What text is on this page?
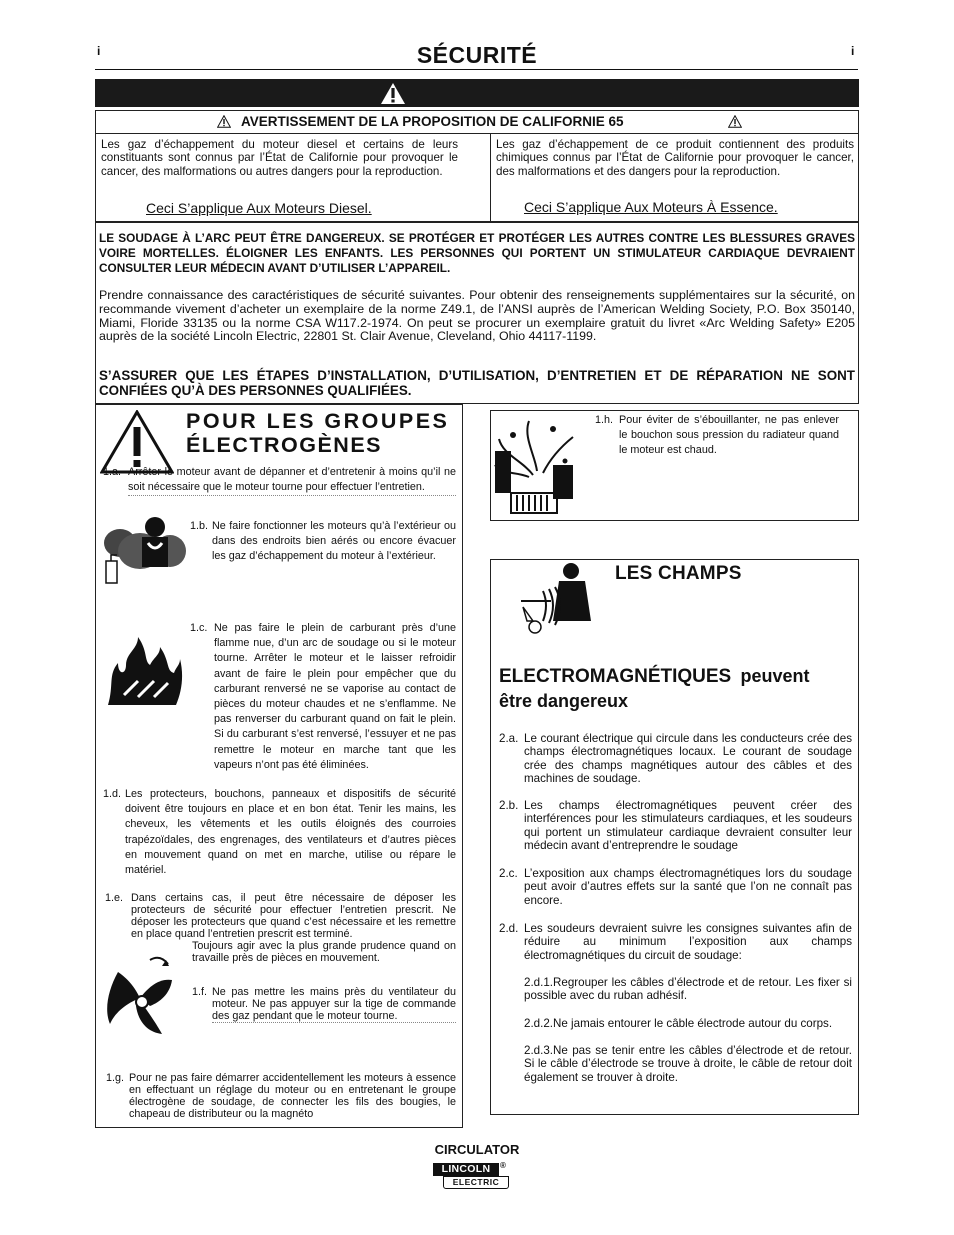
i	i
SÉCURITÉ
AVERTISSEMENT DE LA PROPOSITION DE CALIFORNIE 65
Les gaz d’échappement du moteur diesel et certains de leurs constituants sont connus par l’État de Californie pour provoquer le cancer, des malformations ou autres dangers pour la reproduction.
Les gaz d’échappement de ce produit contiennent des produits chimiques connus par l’État de Californie pour provoquer le cancer, des malformations et des dangers pour la reproduction.
Ceci S’applique Aux Moteurs Diesel.	Ceci S’applique Aux Moteurs À Essence.
LE SOUDAGE À L’ARC PEUT ÊTRE DANGEREUX. SE PROTÉGER ET PROTÉGER LES AUTRES CONTRE LES BLESSURES GRAVES VOIRE MORTELLES. ÉLOIGNER LES ENFANTS. LES PERSONNES QUI PORTENT UN STIMULATEUR CARDIAQUE DEVRAIENT CONSULTER LEUR MÉDECIN AVANT D’UTILISER L’APPAREIL.
Prendre connaissance des caractéristiques de sécurité suivantes. Pour obtenir des renseignements supplémentaires sur la sécurité, on recommande vivement d’acheter un exemplaire de la norme Z49.1, de l’ANSI auprès de l’American Welding Society, P.O. Box 350140, Miami, Floride 33135 ou la norme CSA W117.2-1974. On peut se procurer un exemplaire gratuit du livret «Arc Welding Safety» E205 auprès de la société Lincoln Electric, 22801 St. Clair Avenue, Cleveland, Ohio 44117-1199.
S’ASSURER QUE LES ÉTAPES D’INSTALLATION, D’UTILISATION, D’ENTRETIEN ET DE RÉPARATION NE SONT CONFIÉES QU’À DES PERSONNES QUALIFIÉES.
POUR LES GROUPES
ÉLECTROGÈNES
1.a. Arrêter le moteur avant de dépanner et d’entretenir à moins qu’il ne soit nécessaire que le moteur tourne pour effectuer l’entretien.
1.b. Ne faire fonctionner les moteurs qu’à l’extérieur ou dans des endroits bien aérés ou encore évacuer les gaz d’échappement du moteur à l’extérieur.
1.c. Ne pas faire le plein de carburant près d’une flamme nue, d’un arc de soudage ou si le moteur tourne. Arrêter le moteur et le laisser refroidir avant de faire le plein pour empêcher que du carburant renversé ne se vaporise au contact de pièces du moteur chaudes et ne s’enflamme. Ne pas renverser du carburant quand on fait le plein. Si du carburant s’est renversé, l’essuyer et ne pas remettre le moteur en marche tant que les vapeurs n’ont pas été éliminées.
1.d. Les protecteurs, bouchons, panneaux et dispositifs de sécurité doivent être toujours en place et en bon état. Tenir les mains, les cheveux, les vêtements et les outils éloignés des courroies trapézoïdales, des engrenages, des ventilateurs et d’autres pièces en mouvement quand on met en marche, utilise ou répare le matériel.
1.e. Dans certains cas, il peut être nécessaire de déposer les protecteurs de sécurité pour effectuer l’entretien prescrit. Ne déposer les protecteurs que quand c’est nécessaire et les remettre en place quand l’entretien prescrit est terminé.
Toujours agir avec la plus grande prudence quand on travaille près de pièces en mouvement.
1.f. Ne pas mettre les mains près du ventilateur du moteur. Ne pas appuyer sur la tige de commande des gaz pendant que le moteur tourne.
1.g. Pour ne pas faire démarrer accidentellement les moteurs à essence en effectuant un réglage du moteur ou en entretenant le groupe électrogène de soudage, de connecter les fils des bougies, le chapeau de distributeur ou la magnéto
1.h. Pour éviter de s’ébouillanter, ne pas enlever le bouchon sous pression du radiateur quand le moteur est chaud.
LES CHAMPS
ELECTROMAGNÉTIQUES peuvent
être dangereux
2.a. Le courant électrique qui circule dans les conducteurs crée des champs électromagnétiques locaux. Le courant de soudage crée des champs magnétiques autour des câbles et des machines de soudage.
2.b. Les champs électromagnétiques peuvent créer des interférences pour les stimulateurs cardiaques, et les soudeurs qui portent un stimulateur cardiaque devraient consulter leur médecin avant d’entreprendre le soudage
2.c. L’exposition aux champs électromagnétiques lors du soudage peut avoir d’autres effets sur la santé que l’on ne connaît pas encore.
2.d. Les soudeurs devraient suivre les consignes suivantes afin de réduire au minimum l’exposition aux champs électromagnétiques du circuit de soudage:
2.d.1.Regrouper les câbles d’électrode et de retour. Les fixer si possible avec du ruban adhésif.
2.d.2.Ne jamais entourer le câble électrode autour du corps.
2.d.3.Ne pas se tenir entre les câbles d’électrode et de retour. Si le câble d’électrode se trouve à droite, le câble de retour doit également se trouver à droite.
CIRCULATOR
LINCOLN	®
ELECTRIC
